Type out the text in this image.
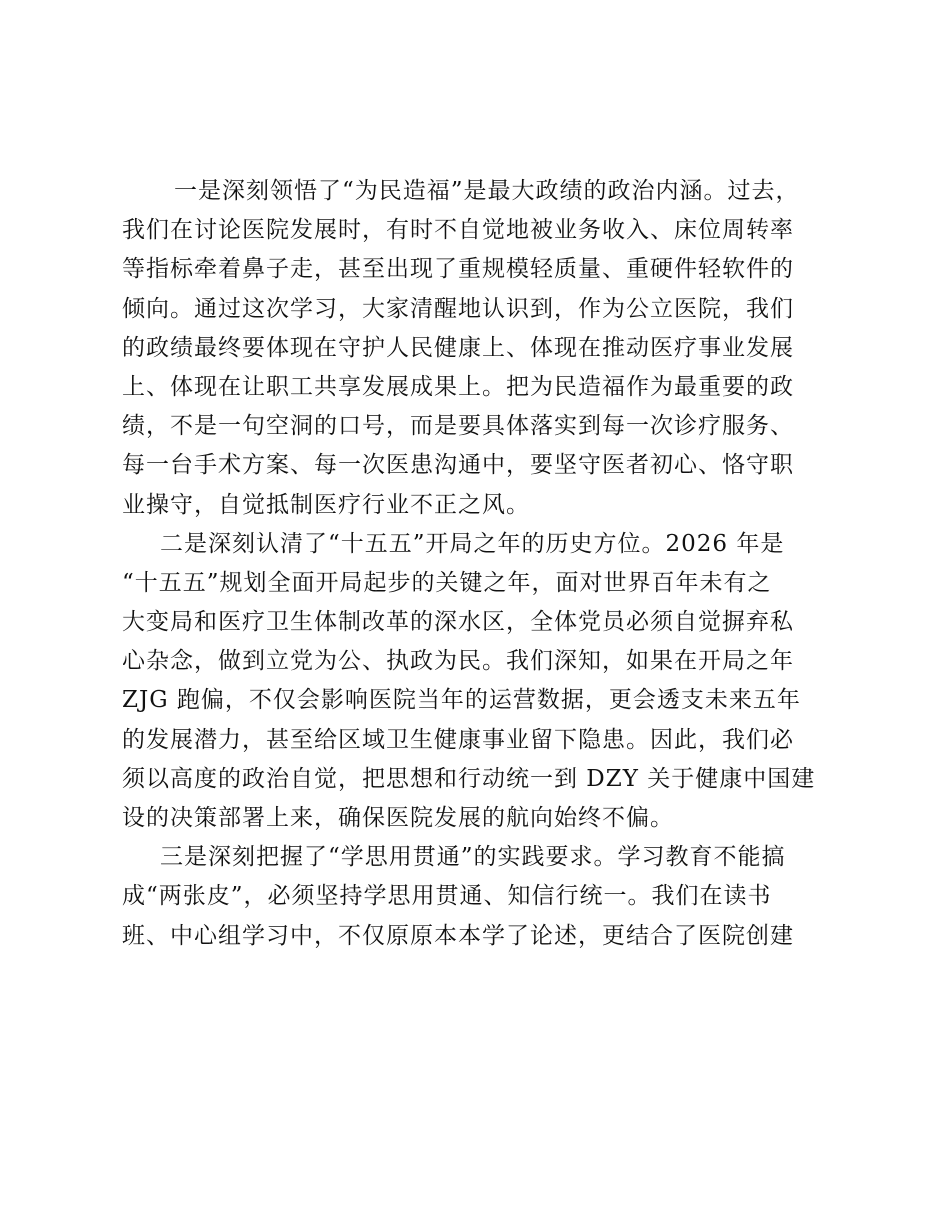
　一是深刻领悟了“为民造福”是最大政绩的政治内涵。过去，
我们在讨论医院发展时，有时不自觉地被业务收入、床位周转率
等指标牵着鼻子走，甚至出现了重规模轻质量、重硬件轻软件的
倾向。通过这次学习，大家清醒地认识到，作为公立医院，我们
的政绩最终要体现在守护人民健康上、体现在推动医疗事业发展
上、体现在让职工共享发展成果上。把为民造福作为最重要的政
绩，不是一句空洞的口号，而是要具体落实到每一次诊疗服务、
每一台手术方案、每一次医患沟通中，要坚守医者初心、恪守职
业操守，自觉抵制医疗行业不正之风。
二是深刻认清了“十五五”开局之年的历史方位。2026 年是
“十五五”规划全面开局起步的关键之年，面对世界百年未有之
大变局和医疗卫生体制改革的深水区，全体党员必须自觉摒弃私
心杂念，做到立党为公、执政为民。我们深知，如果在开局之年
ZJG 跑偏，不仅会影响医院当年的运营数据，更会透支未来五年
的发展潜力，甚至给区域卫生健康事业留下隐患。因此，我们必
须以高度的政治自觉，把思想和行动统一到 DZY 关于健康中国建
设的决策部署上来，确保医院发展的航向始终不偏。
三是深刻把握了“学思用贯通”的实践要求。学习教育不能搞
成“两张皮”，必须坚持学思用贯通、知信行统一。我们在读书
班、中心组学习中，不仅原原本本学了论述，更结合了医院创建
